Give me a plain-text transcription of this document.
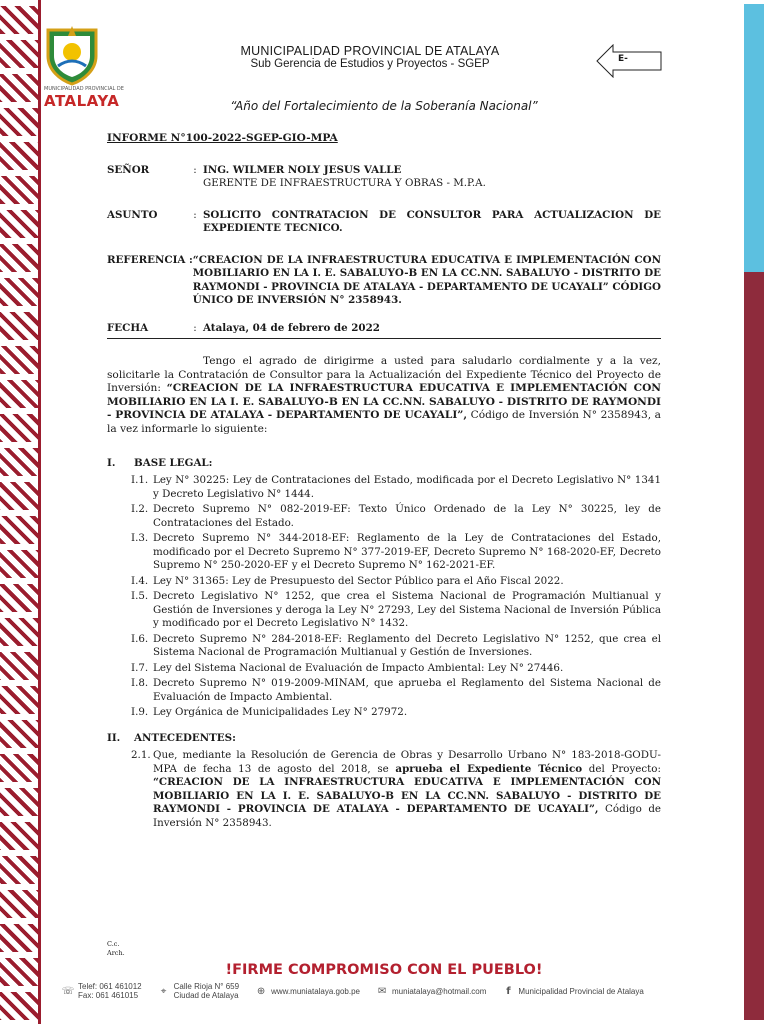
MUNICIPALIDAD PROVINCIAL DE
ATALAYA
MUNICIPALIDAD PROVINCIAL DE ATALAYA
Sub Gerencia de Estudios y Proyectos - SGEP	E-
“Año del Fortalecimiento de la Soberanía Nacional”
INFORME N°100-2022-SGEP-GIO-MPA
SEÑOR	: ING. WILMER NOLY JESUS VALLE
GERENTE DE INFRAESTRUCTURA Y OBRAS - M.P.A.
ASUNTO	: SOLICITO CONTRATACION DE CONSULTOR PARA ACTUALIZACION DE EXPEDIENTE TECNICO.
REFERENCIA : “CREACION DE LA INFRAESTRUCTURA EDUCATIVA E IMPLEMENTACIÓN CON MOBILIARIO EN LA I. E. SABALUYO-B EN LA CC.NN. SABALUYO - DISTRITO DE RAYMONDI - PROVINCIA DE ATALAYA - DEPARTAMENTO DE UCAYALI” CÓDIGO ÚNICO DE INVERSIÓN N° 2358943.
FECHA	: Atalaya, 04 de febrero de 2022
Tengo el agrado de dirigirme a usted para saludarlo cordialmente y a la vez, solicitarle la Contratación de Consultor para la Actualización del Expediente Técnico del Proyecto de Inversión: “CREACION DE LA INFRAESTRUCTURA EDUCATIVA E IMPLEMENTACIÓN CON MOBILIARIO EN LA I. E. SABALUYO-B EN LA CC.NN. SABALUYO - DISTRITO DE RAYMONDI - PROVINCIA DE ATALAYA - DEPARTAMENTO DE UCAYALI”, Código de Inversión N° 2358943, a la vez informarle lo siguiente:
I.	BASE LEGAL:
I.1. Ley N° 30225: Ley de Contrataciones del Estado, modificada por el Decreto Legislativo N° 1341 y Decreto Legislativo N° 1444.
I.2. Decreto Supremo N° 082-2019-EF: Texto Único Ordenado de la Ley N° 30225, ley de Contrataciones del Estado.
I.3. Decreto Supremo N° 344-2018-EF: Reglamento de la Ley de Contrataciones del Estado, modificado por el Decreto Supremo N° 377-2019-EF, Decreto Supremo N° 168-2020-EF, Decreto Supremo N° 250-2020-EF y el Decreto Supremo N° 162-2021-EF.
I.4. Ley N° 31365: Ley de Presupuesto del Sector Público para el Año Fiscal 2022.
I.5. Decreto Legislativo N° 1252, que crea el Sistema Nacional de Programación Multianual y Gestión de Inversiones y deroga la Ley N° 27293, Ley del Sistema Nacional de Inversión Pública y modificado por el Decreto Legislativo N° 1432.
I.6. Decreto Supremo N° 284-2018-EF: Reglamento del Decreto Legislativo N° 1252, que crea el Sistema Nacional de Programación Multianual y Gestión de Inversiones.
I.7. Ley del Sistema Nacional de Evaluación de Impacto Ambiental: Ley N° 27446.
I.8. Decreto Supremo N° 019-2009-MINAM, que aprueba el Reglamento del Sistema Nacional de Evaluación de Impacto Ambiental.
I.9. Ley Orgánica de Municipalidades Ley N° 27972.
II.	ANTECEDENTES:
2.1. Que, mediante la Resolución de Gerencia de Obras y Desarrollo Urbano N° 183-2018-GODU-MPA de fecha 13 de agosto del 2018, se aprueba el Expediente Técnico del Proyecto: “CREACION DE LA INFRAESTRUCTURA EDUCATIVA E IMPLEMENTACIÓN CON MOBILIARIO EN LA I. E. SABALUYO-B EN LA CC.NN. SABALUYO - DISTRITO DE RAYMONDI - PROVINCIA DE ATALAYA - DEPARTAMENTO DE UCAYALI”, Código de Inversión N° 2358943.
C.c.
Arch.
!FIRME COMPROMISO CON EL PUEBLO!
☏ Telef: 061 461012
Fax: 061 461015	⌖ Calle Rioja N° 659
Ciudad de Atalaya ⊕ www.muniatalaya.gob.pe ✉ muniatalaya@hotmail.com	f Municipalidad Provincial de Atalaya
